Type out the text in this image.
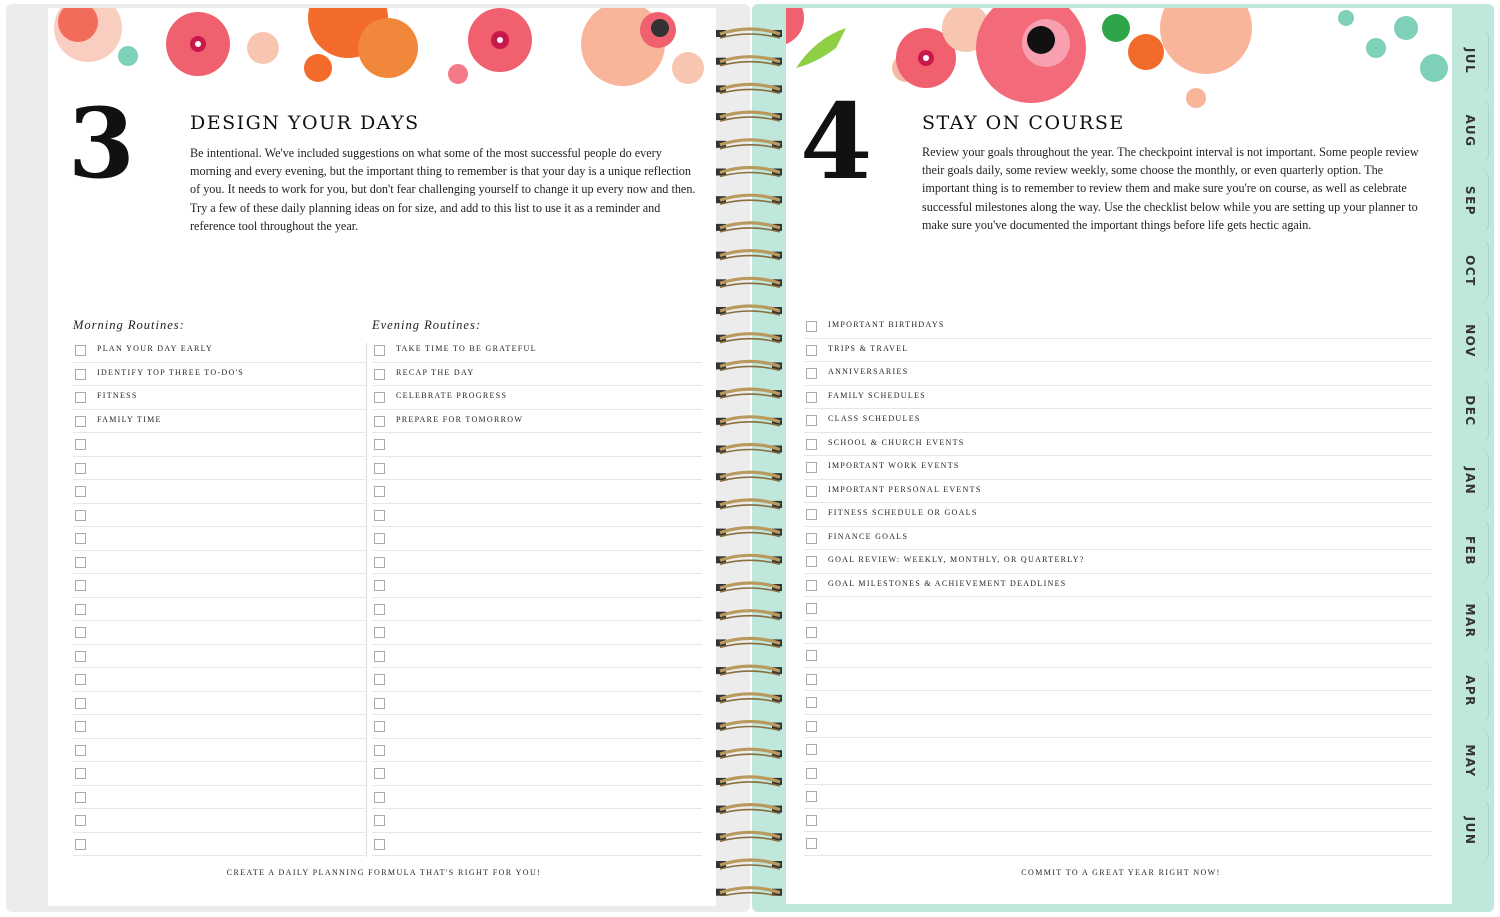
3	DESIGN YOUR DAYS
Be intentional. We've included suggestions on what some of the most successful people do every morning and every evening, but the important thing to remember is that your day is a unique reflection of you. It needs to work for you, but don't fear challenging yourself to change it up every now and then. Try a few of these daily planning ideas on for size, and add to this list to use it as a reminder and reference tool throughout the year.
Morning Routines:	Evening Routines:
PLAN YOUR DAY EARLY
IDENTIFY TOP THREE TO-DO'S
FITNESS
FAMILY TIME
TAKE TIME TO BE GRATEFUL
RECAP THE DAY
CELEBRATE PROGRESS
PREPARE FOR TOMORROW
CREATE A DAILY PLANNING FORMULA THAT'S RIGHT FOR YOU!
4	STAY ON COURSE
Review your goals throughout the year. The checkpoint interval is not important. Some people review their goals daily, some review weekly, some choose the monthly, or even quarterly option. The important thing is to remember to review them and make sure you're on course, as well as celebrate successful milestones along the way. Use the checklist below while you are setting up your planner to make sure you've documented the important things before life gets hectic again.
IMPORTANT BIRTHDAYS
TRIPS & TRAVEL
ANNIVERSARIES
FAMILY SCHEDULES
CLASS SCHEDULES
SCHOOL & CHURCH EVENTS
IMPORTANT WORK EVENTS
IMPORTANT PERSONAL EVENTS
FITNESS SCHEDULE OR GOALS
FINANCE GOALS
GOAL REVIEW: WEEKLY, MONTHLY, OR QUARTERLY?
GOAL MILESTONES & ACHIEVEMENT DEADLINES
COMMIT TO A GREAT YEAR RIGHT NOW!
JUL
AUG
SEP
OCT
NOV
DEC
JAN
FEB
MAR
APR
MAY
JUN
